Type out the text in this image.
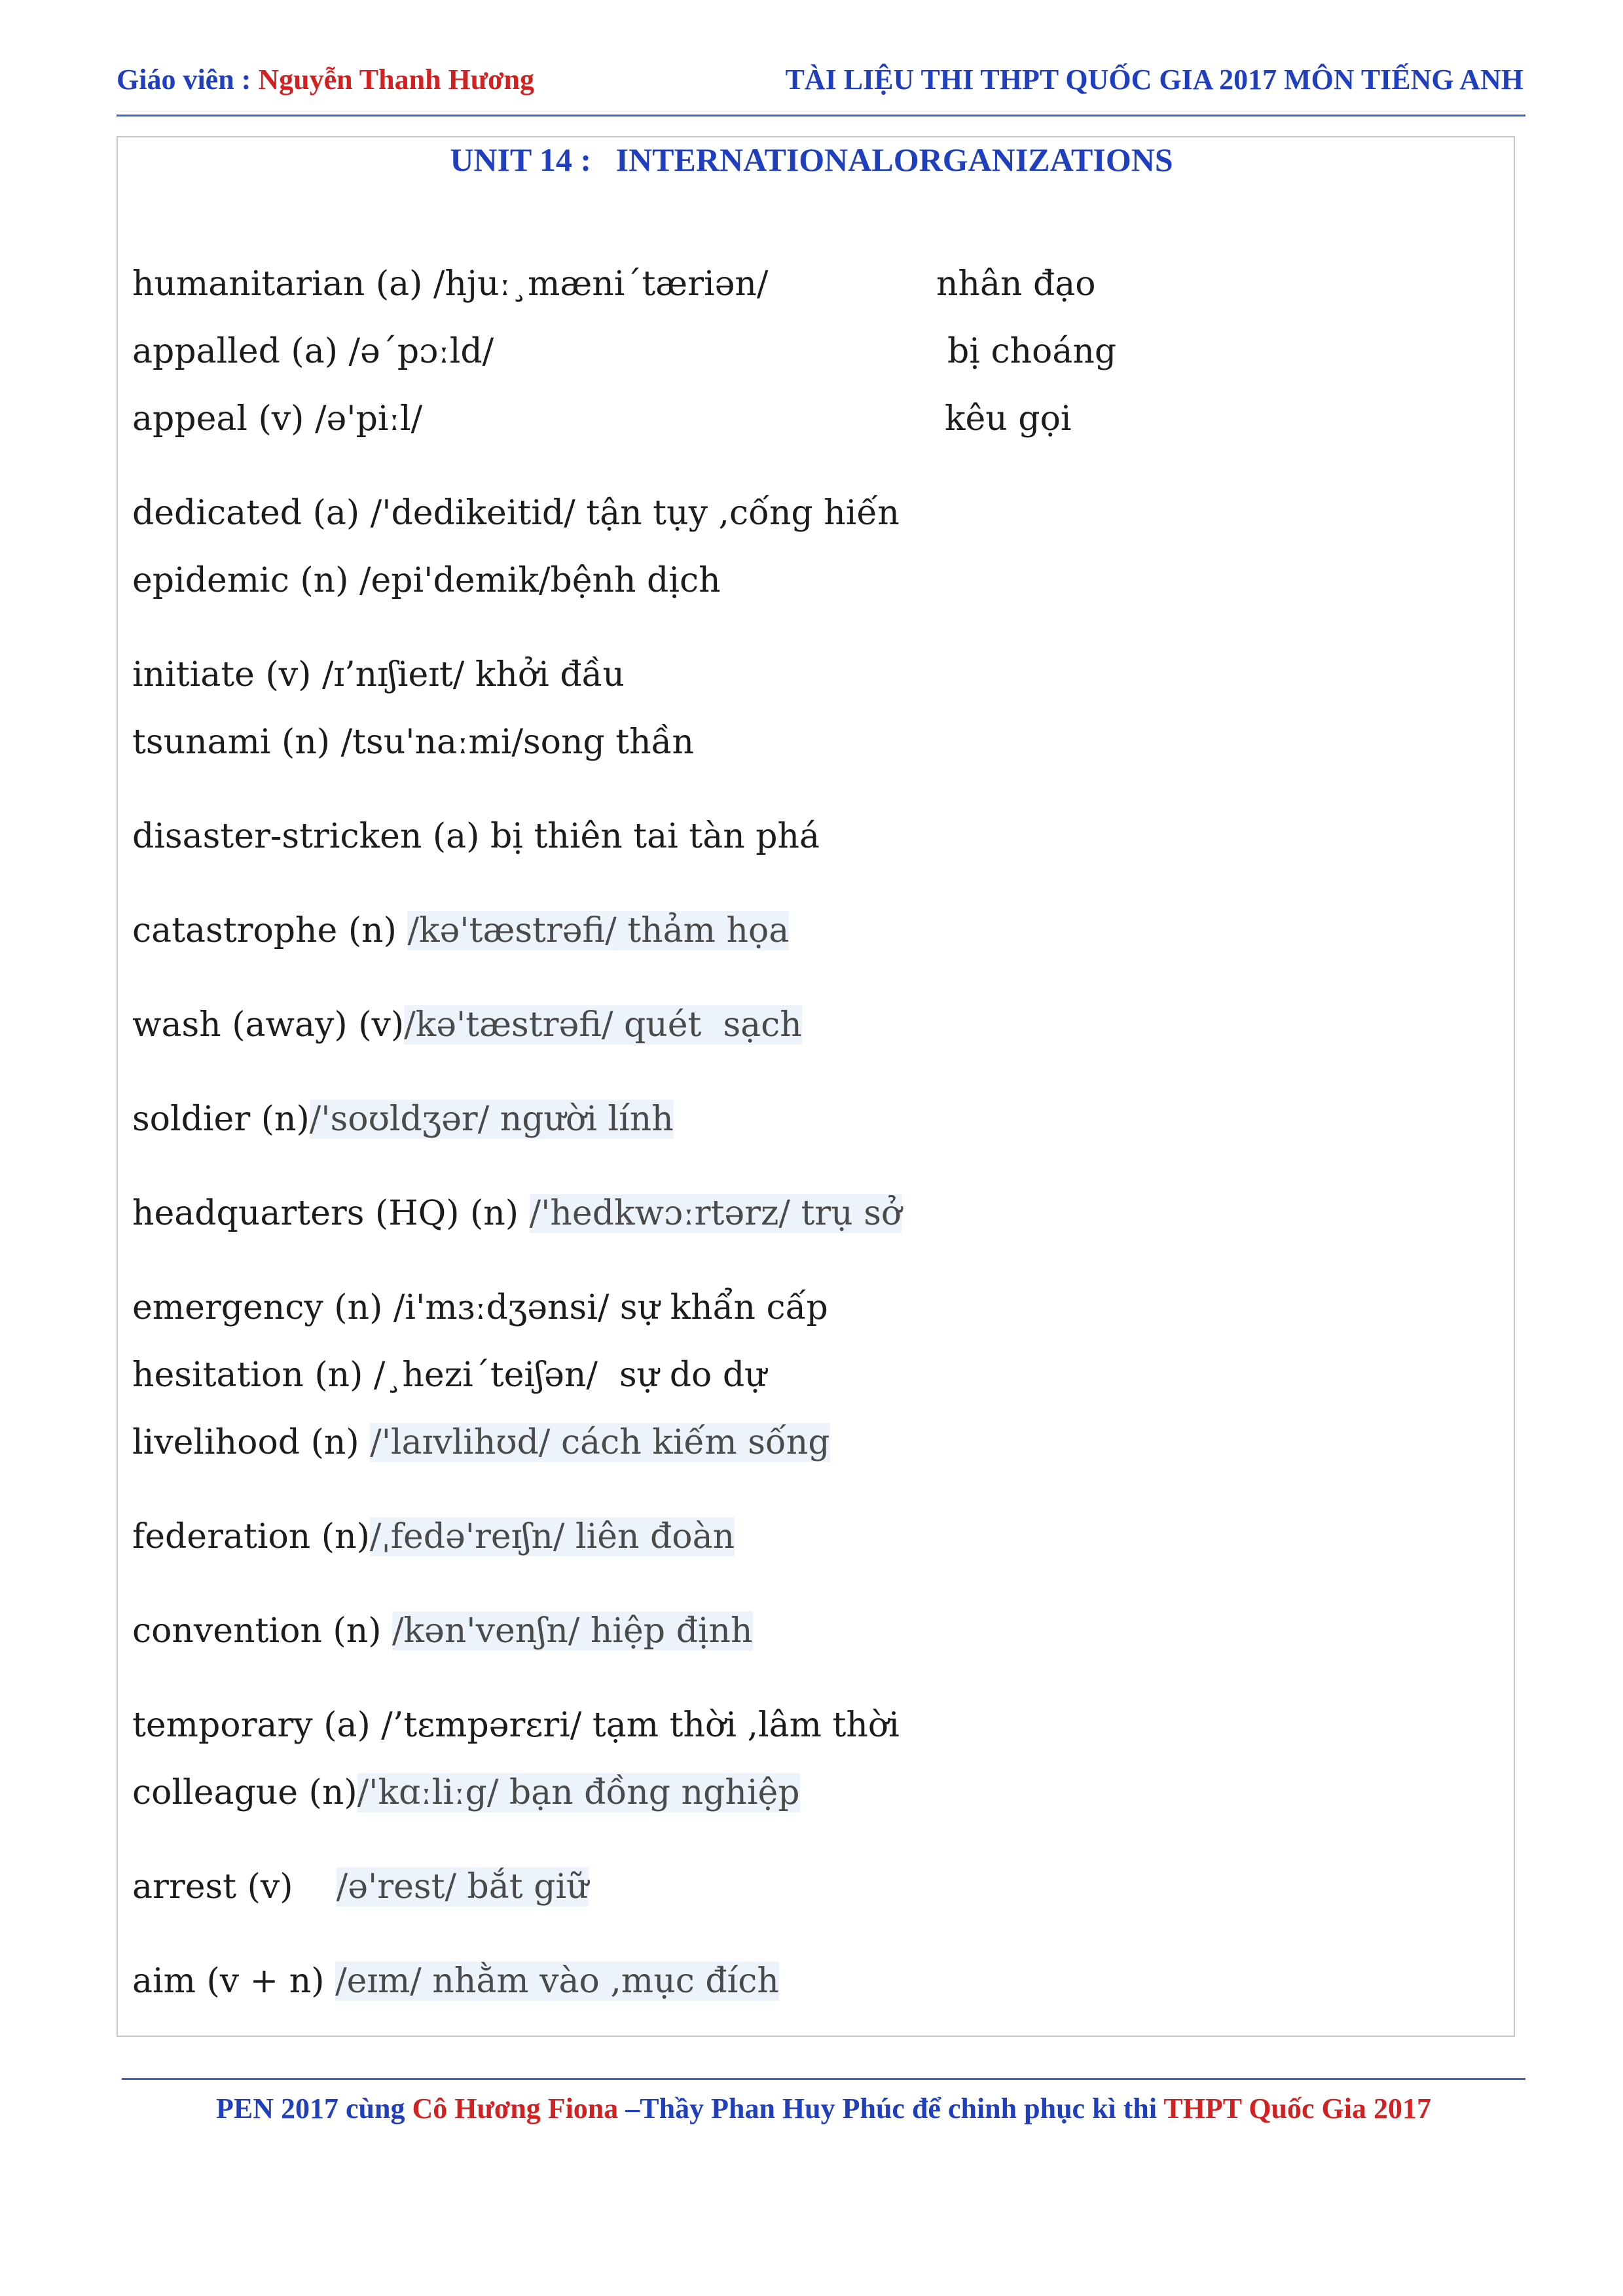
Giáo viên : Nguyễn Thanh Hương	TÀI LIỆU THI THPT QUỐC GIA 2017 MÔN TIẾNG ANH
UNIT 14 :   INTERNATIONALORGANIZATIONS
humanitarian (a) /hjuː¸mæni´tæriən/	nhân đạo
appalled (a) /ə´pɔːld/	bị choáng
appeal (v) /ə'piːl/	kêu gọi
dedicated (a) /'dedikeitid/ tận tụy ,cống hiến
epidemic (n) /epi'demik/bệnh dịch
initiate (v) /ɪ’nɪʃieɪt/ khởi đầu
tsunami (n) /tsu'naːmi/song thần
disaster-stricken (a) bị thiên tai tàn phá
catastrophe (n) /kə'tæstrəfi/ thảm họa
wash (away) (v)/kə'tæstrəfi/ quét  sạch
soldier (n)/'soʊldʒər/ người lính
headquarters (HQ) (n) /'hedkwɔːrtərz/ trụ sở
emergency (n) /i'mɜːdʒənsi/ sự khẩn cấp
hesitation (n) /¸hezi´teiʃən/  sự do dự
livelihood (n) /'laɪvlihʊd/ cách kiếm sống
federation (n)/ˌfedə'reɪʃn/ liên đoàn
convention (n) /kən'venʃn/ hiệp định
temporary (a) /’tɛmpərɛri/ tạm thời ,lâm thời
colleague (n)/'kɑːliːg/ bạn đồng nghiệp
arrest (v)    /ə'rest/ bắt giữ
aim (v + n) /eɪm/ nhằm vào ,mục đích
PEN 2017 cùng Cô Hương Fiona –Thầy Phan Huy Phúc để chinh phục kì thi THPT Quốc Gia 2017
